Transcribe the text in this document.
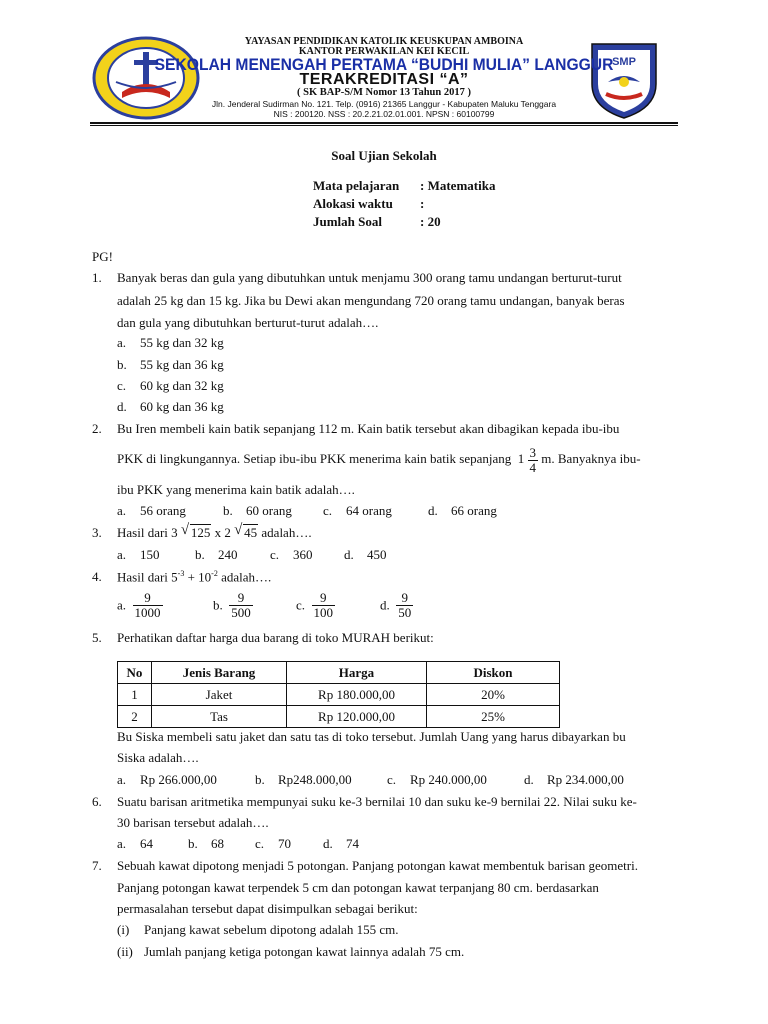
SMP
YAYASAN PENDIDIKAN KATOLIK KEUSKUPAN AMBOINA
KANTOR PERWAKILAN KEI KECIL
SEKOLAH MENENGAH PERTAMA “BUDHI MULIA” LANGGUR
TERAKREDITASI “A”
( SK BAP-S/M Nomor 13 Tahun 2017 )
Jln. Jenderal Sudirman No. 121. Telp. (0916) 21365 Langgur - Kabupaten Maluku Tenggara
NIS : 200120. NSS : 20.2.21.02.01.001. NPSN : 60100799
Soal Ujian Sekolah
Mata pelajaran : Matematika
Alokasi waktu :
Jumlah Soal	: 20
PG!
1. Banyak beras dan gula yang dibutuhkan untuk menjamu 300 orang tamu undangan berturut-turut
adalah 25 kg dan 15 kg. Jika bu Dewi akan mengundang 720 orang tamu undangan, banyak beras
dan gula yang dibutuhkan berturut-turut adalah….
a. 55 kg dan 32 kg
b. 55 kg dan 36 kg
c. 60 kg dan 32 kg
d. 60 kg dan 36 kg
2. Bu Iren membeli kain batik sepanjang 112 m. Kain batik tersebut akan dibagikan kepada ibu-ibu
PKK di lingkungannya. Setiap ibu-ibu PKK menerima kain batik sepanjang $1 \frac{3}{4} m$. Banyaknya ibu-
ibu PKK yang menerima kain batik adalah….
a. 56 orang	b. 60 orang c. 64 orang	d. 66 orang
3. Hasil dari 3 √ 125 x 2 √ 45 adalah….
a. 150	b. 240	c. 360 d. 450
4. Hasil dari $5^{-3} + 10^{-2}$ adalah….
a. $\frac{9}{1000}$	b. $\frac{9}{500}$	c. $\frac{9}{100}$	d. $\frac{9}{50}$
5. Perhatikan daftar harga dua barang di toko MURAH berikut:
No	Jenis Barang	Harga	Diskon
1	Jaket	Rp 180.000,00	20%
2	Tas	Rp 120.000,00	25%
Bu Siska membeli satu jaket dan satu tas di toko tersebut. Jumlah Uang yang harus dibayarkan bu
Siska adalah….
a. Rp 266.000,00	b. Rp248.000,00	c. Rp 240.000,00	d. Rp 234.000,00
6. Suatu barisan aritmetika mempunyai suku ke-3 bernilai 10 dan suku ke-9 bernilai 22. Nilai suku ke-
30 barisan tersebut adalah….
a. 64	b. 68 c. 70 d. 74
7. Sebuah kawat dipotong menjadi 5 potongan. Panjang potongan kawat membentuk barisan geometri.
Panjang potongan kawat terpendek 5 cm dan potongan kawat terpanjang 80 cm. berdasarkan
permasalahan tersebut dapat disimpulkan sebagai berikut:
(i) Panjang kawat sebelum dipotong adalah 155 cm.
(ii) Jumlah panjang ketiga potongan kawat lainnya adalah 75 cm.
